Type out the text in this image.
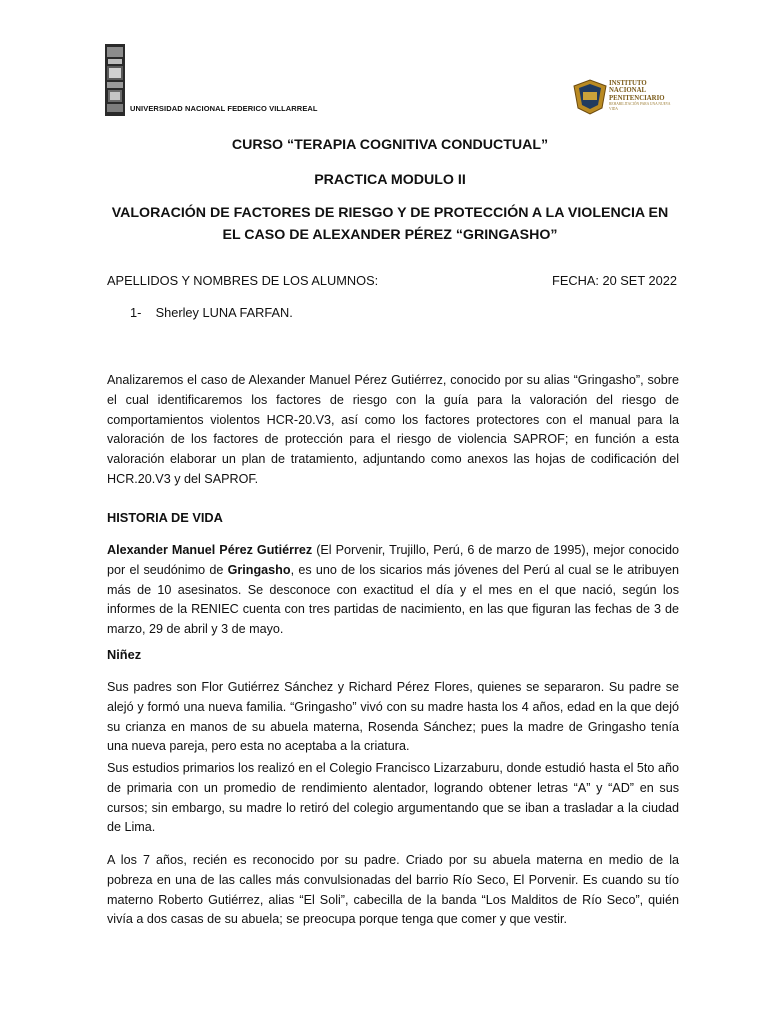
UNIVERSIDAD NACIONAL FEDERICO VILLARREAL
INSTITUTO
NACIONAL
PENITENCIARIO
REHABILITACIÓN PARA UNA NUEVA VIDA
CURSO “TERAPIA COGNITIVA CONDUCTUAL”
PRACTICA MODULO II
VALORACIÓN DE FACTORES DE RIESGO Y DE PROTECCIÓN A LA VIOLENCIA EN
EL CASO DE ALEXANDER PÉREZ “GRINGASHO”
APELLIDOS Y NOMBRES DE LOS ALUMNOS:	FECHA: 20 SET 2022
1- Sherley LUNA FARFAN.
Analizaremos el caso de Alexander Manuel Pérez Gutiérrez, conocido por su alias “Gringasho”, sobre el cual identificaremos los factores de riesgo con la guía para la valoración del riesgo de comportamientos violentos HCR-20.V3, así como los factores protectores con el manual para la valoración de los factores de protección para el riesgo de violencia SAPROF; en función a esta valoración elaborar un plan de tratamiento, adjuntando como anexos las hojas de codificación del HCR.20.V3 y del SAPROF.
HISTORIA DE VIDA
Alexander Manuel Pérez Gutiérrez (El Porvenir, Trujillo, Perú, 6 de marzo de 1995), mejor conocido por el seudónimo de Gringasho, es uno de los sicarios más jóvenes del Perú al cual se le atribuyen más de 10 asesinatos. Se desconoce con exactitud el día y el mes en el que nació, según los informes de la RENIEC cuenta con tres partidas de nacimiento, en las que figuran las fechas de 3 de marzo, 29 de abril y 3 de mayo.
Niñez
Sus padres son Flor Gutiérrez Sánchez y Richard Pérez Flores, quienes se separaron. Su padre se alejó y formó una nueva familia. “Gringasho” vivó con su madre hasta los 4 años, edad en la que dejó su crianza en manos de su abuela materna, Rosenda Sánchez; pues la madre de Gringasho tenía una nueva pareja, pero esta no aceptaba a la criatura.
Sus estudios primarios los realizó en el Colegio Francisco Lizarzaburu, donde estudió hasta el 5to año de primaria con un promedio de rendimiento alentador, logrando obtener letras “A” y “AD” en sus cursos; sin embargo, su madre lo retiró del colegio argumentando que se iban a trasladar a la ciudad de Lima.
A los 7 años, recién es reconocido por su padre. Criado por su abuela materna en medio de la pobreza en una de las calles más convulsionadas del barrio Río Seco, El Porvenir. Es cuando su tío materno Roberto Gutiérrez, alias “El Soli”, cabecilla de la banda “Los Malditos de Río Seco”, quién vivía a dos casas de su abuela; se preocupa porque tenga que comer y que vestir.
